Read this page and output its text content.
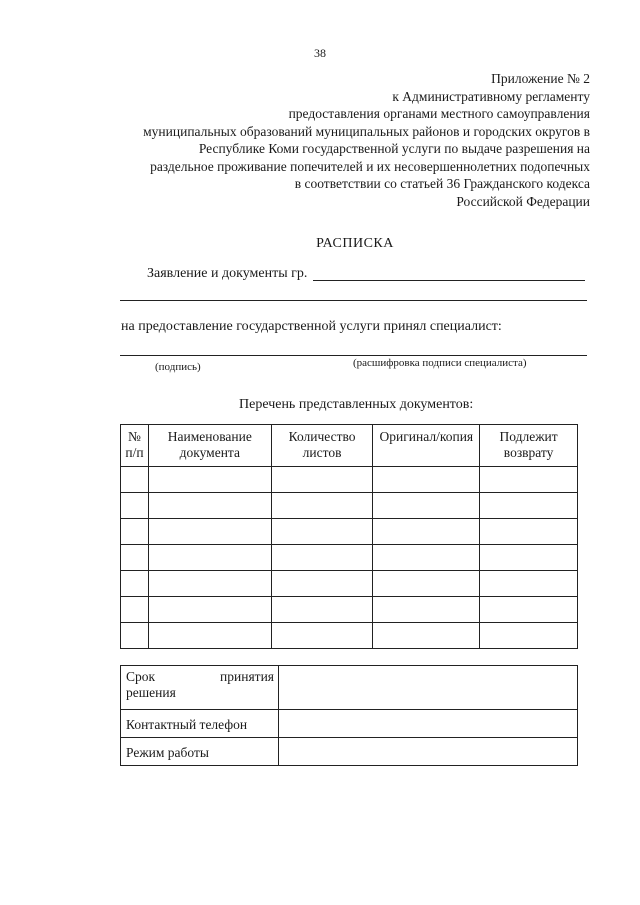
38
Приложение № 2
к Административному регламенту
предоставления органами местного самоуправления
муниципальных образований муниципальных районов и городских округов в
Республике Коми государственной услуги по выдаче разрешения на
раздельное проживание попечителей и их несовершеннолетних подопечных
в соответствии со статьей 36 Гражданского кодекса
Российской Федерации
РАСПИСКА
Заявление и документы гр.
на предоставление государственной услуги принял специалист:
(подпись)	(расшифровка подписи специалиста)
Перечень представленных документов:
№ п/п	Наименование документа	Количество листов	Оригинал/копия	Подлежит возврату

Срок принятия
решения	

Контактный телефон	
Режим работы	
